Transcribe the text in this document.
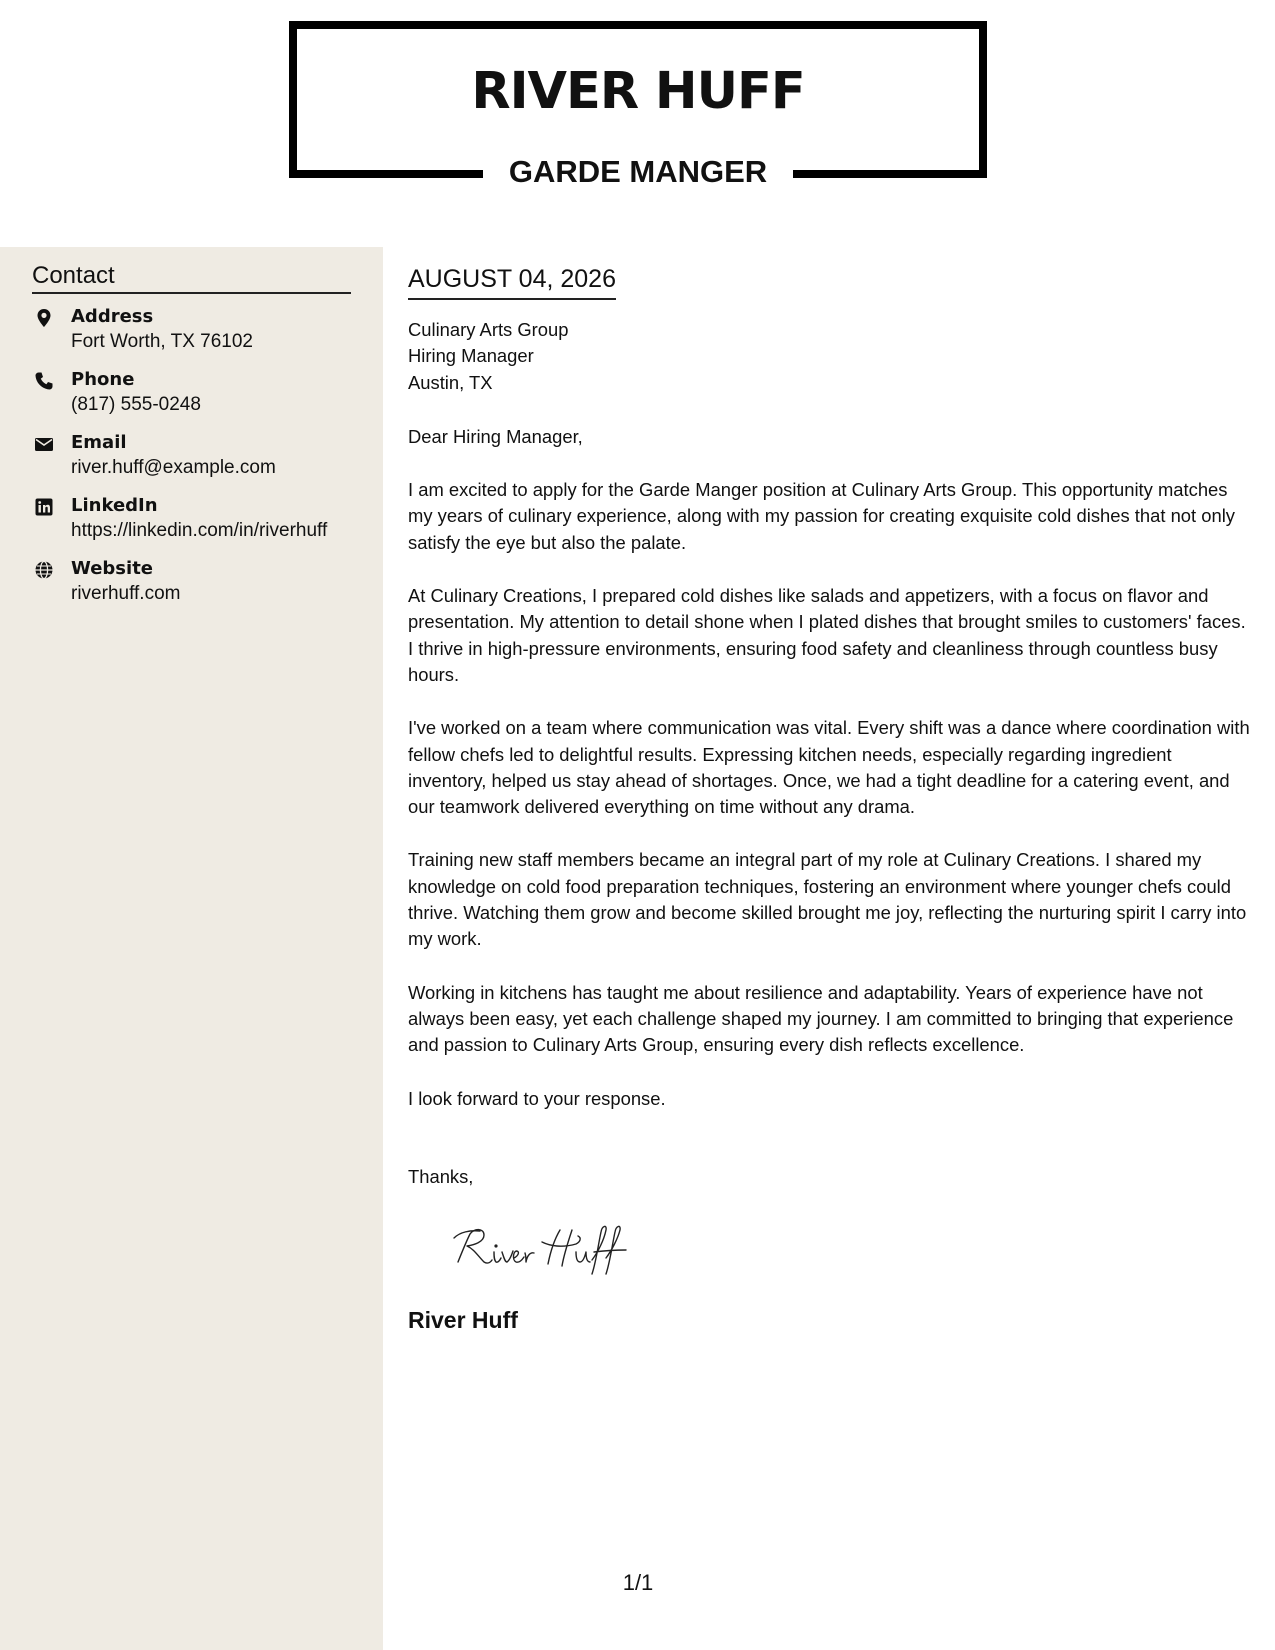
RIVER HUFF
GARDE MANGER
Contact
Address
Fort Worth, TX 76102
Phone
(817) 555-0248
Email
river.huff@example.com
LinkedIn
https://linkedin.com/in/riverhuff
Website
riverhuff.com
AUGUST 04, 2026
Culinary Arts Group
Hiring Manager
Austin, TX
Dear Hiring Manager,
I am excited to apply for the Garde Manger position at Culinary Arts Group. This opportunity matches my years of culinary experience, along with my passion for creating exquisite cold dishes that not only satisfy the eye but also the palate.
At Culinary Creations, I prepared cold dishes like salads and appetizers, with a focus on flavor and presentation. My attention to detail shone when I plated dishes that brought smiles to customers' faces. I thrive in high-pressure environments, ensuring food safety and cleanliness through countless busy hours.
I've worked on a team where communication was vital. Every shift was a dance where coordination with fellow chefs led to delightful results. Expressing kitchen needs, especially regarding ingredient inventory, helped us stay ahead of shortages. Once, we had a tight deadline for a catering event, and our teamwork delivered everything on time without any drama.
Training new staff members became an integral part of my role at Culinary Creations. I shared my knowledge on cold food preparation techniques, fostering an environment where younger chefs could thrive. Watching them grow and become skilled brought me joy, reflecting the nurturing spirit I carry into my work.
Working in kitchens has taught me about resilience and adaptability. Years of experience have not always been easy, yet each challenge shaped my journey. I am committed to bringing that experience and passion to Culinary Arts Group, ensuring every dish reflects excellence.
I look forward to your response.
Thanks,
River Huff
1/1
